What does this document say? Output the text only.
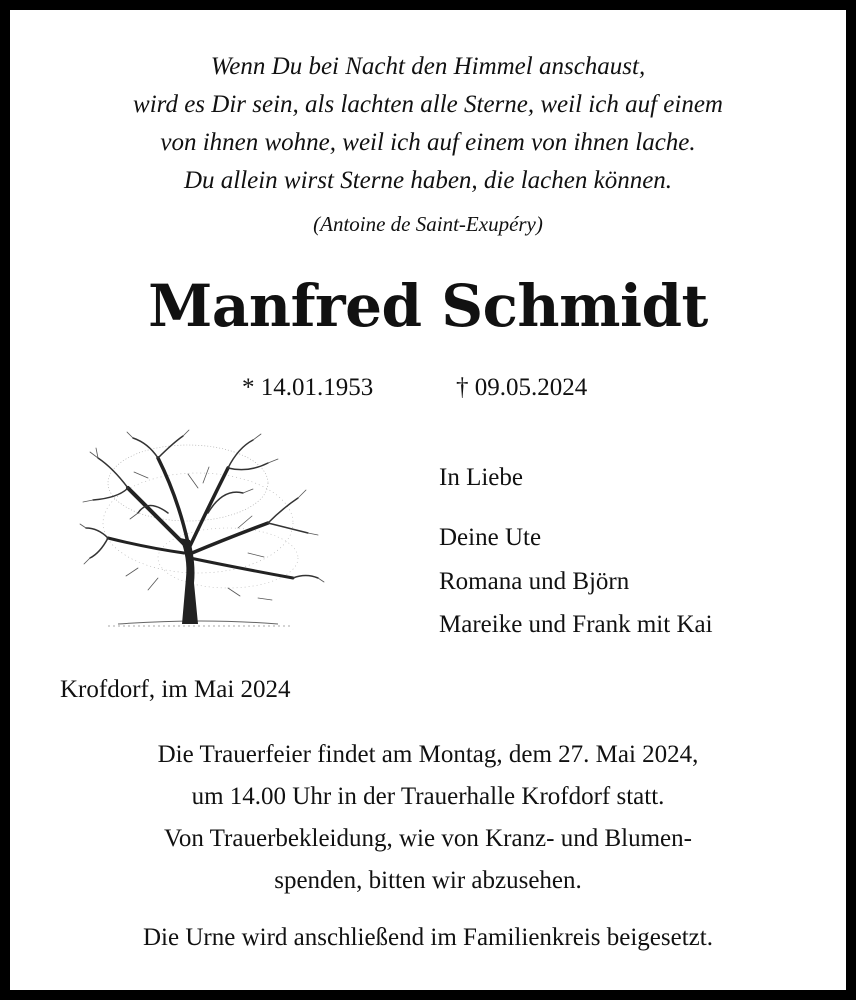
Wenn Du bei Nacht den Himmel anschaust,
wird es Dir sein, als lachten alle Sterne, weil ich auf einem
von ihnen wohne, weil ich auf einem von ihnen lache.
Du allein wirst Sterne haben, die lachen können.
(Antoine de Saint-Exupéry)
Manfred Schmidt
* 14.01.1953	† 09.05.2024
In Liebe
Deine Ute
Romana und Björn
Mareike und Frank mit Kai
Krofdorf, im Mai 2024
Die Trauerfeier findet am Montag, dem 27. Mai 2024,
um 14.00 Uhr in der Trauerhalle Krofdorf statt.
Von Trauerbekleidung, wie von Kranz- und Blumen-
spenden, bitten wir abzusehen.
Die Urne wird anschließend im Familienkreis beigesetzt.
